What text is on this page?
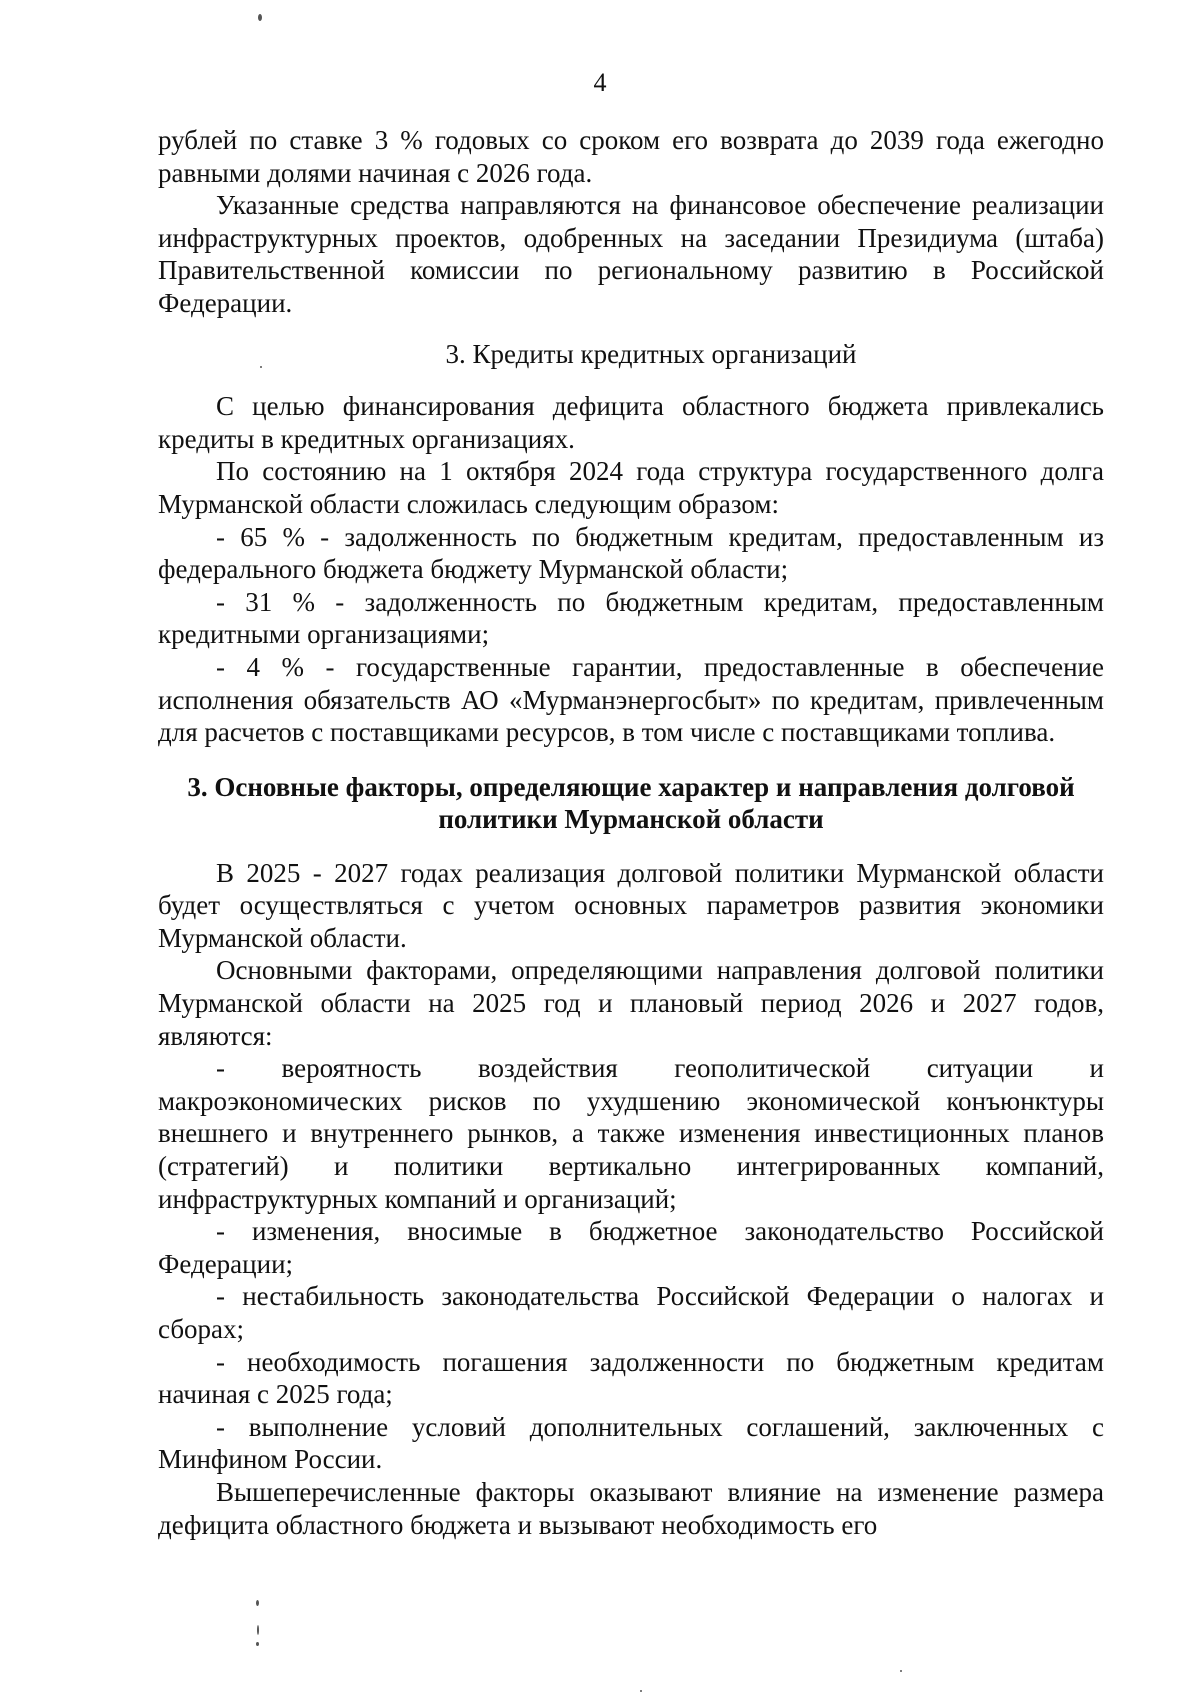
4

рублей по ставке 3 % годовых со сроком его возврата до 2039 года ежегодно равными долями начиная с 2026 года.

Указанные средства направляются на финансовое обеспечение реализации инфраструктурных проектов, одобренных на заседании Президиума (штаба) Правительственной комиссии по региональному развитию в Российской Федерации.

3. Кредиты кредитных организаций

С целью финансирования дефицита областного бюджета привлекались кредиты в кредитных организациях.

По состоянию на 1 октября 2024 года структура государственного долга Мурманской области сложилась следующим образом:

- 65 % - задолженность по бюджетным кредитам, предоставленным из федерального бюджета бюджету Мурманской области;

- 31 % - задолженность по бюджетным кредитам, предоставленным кредитными организациями;

- 4 % - государственные гарантии, предоставленные в обеспечение исполнения обязательств АО «Мурманэнергосбыт» по кредитам, привлеченным для расчетов с поставщиками ресурсов, в том числе с поставщиками топлива.

3. Основные факторы, определяющие характер и направления долговой политики Мурманской области

В 2025 - 2027 годах реализация долговой политики Мурманской области будет осуществляться с учетом основных параметров развития экономики Мурманской области.

Основными факторами, определяющими направления долговой политики Мурманской области на 2025 год и плановый период 2026 и 2027 годов, являются:

- вероятность воздействия геополитической ситуации и макроэкономических рисков по ухудшению экономической конъюнктуры внешнего и внутреннего рынков, а также изменения инвестиционных планов (стратегий) и политики вертикально интегрированных компаний, инфраструктурных компаний и организаций;

- изменения, вносимые в бюджетное законодательство Российской Федерации;

- нестабильность законодательства Российской Федерации о налогах и сборах;

- необходимость погашения задолженности по бюджетным кредитам начиная с 2025 года;

- выполнение условий дополнительных соглашений, заключенных с Минфином России.

Вышеперечисленные факторы оказывают влияние на изменение размера дефицита областного бюджета и вызывают необходимость его
